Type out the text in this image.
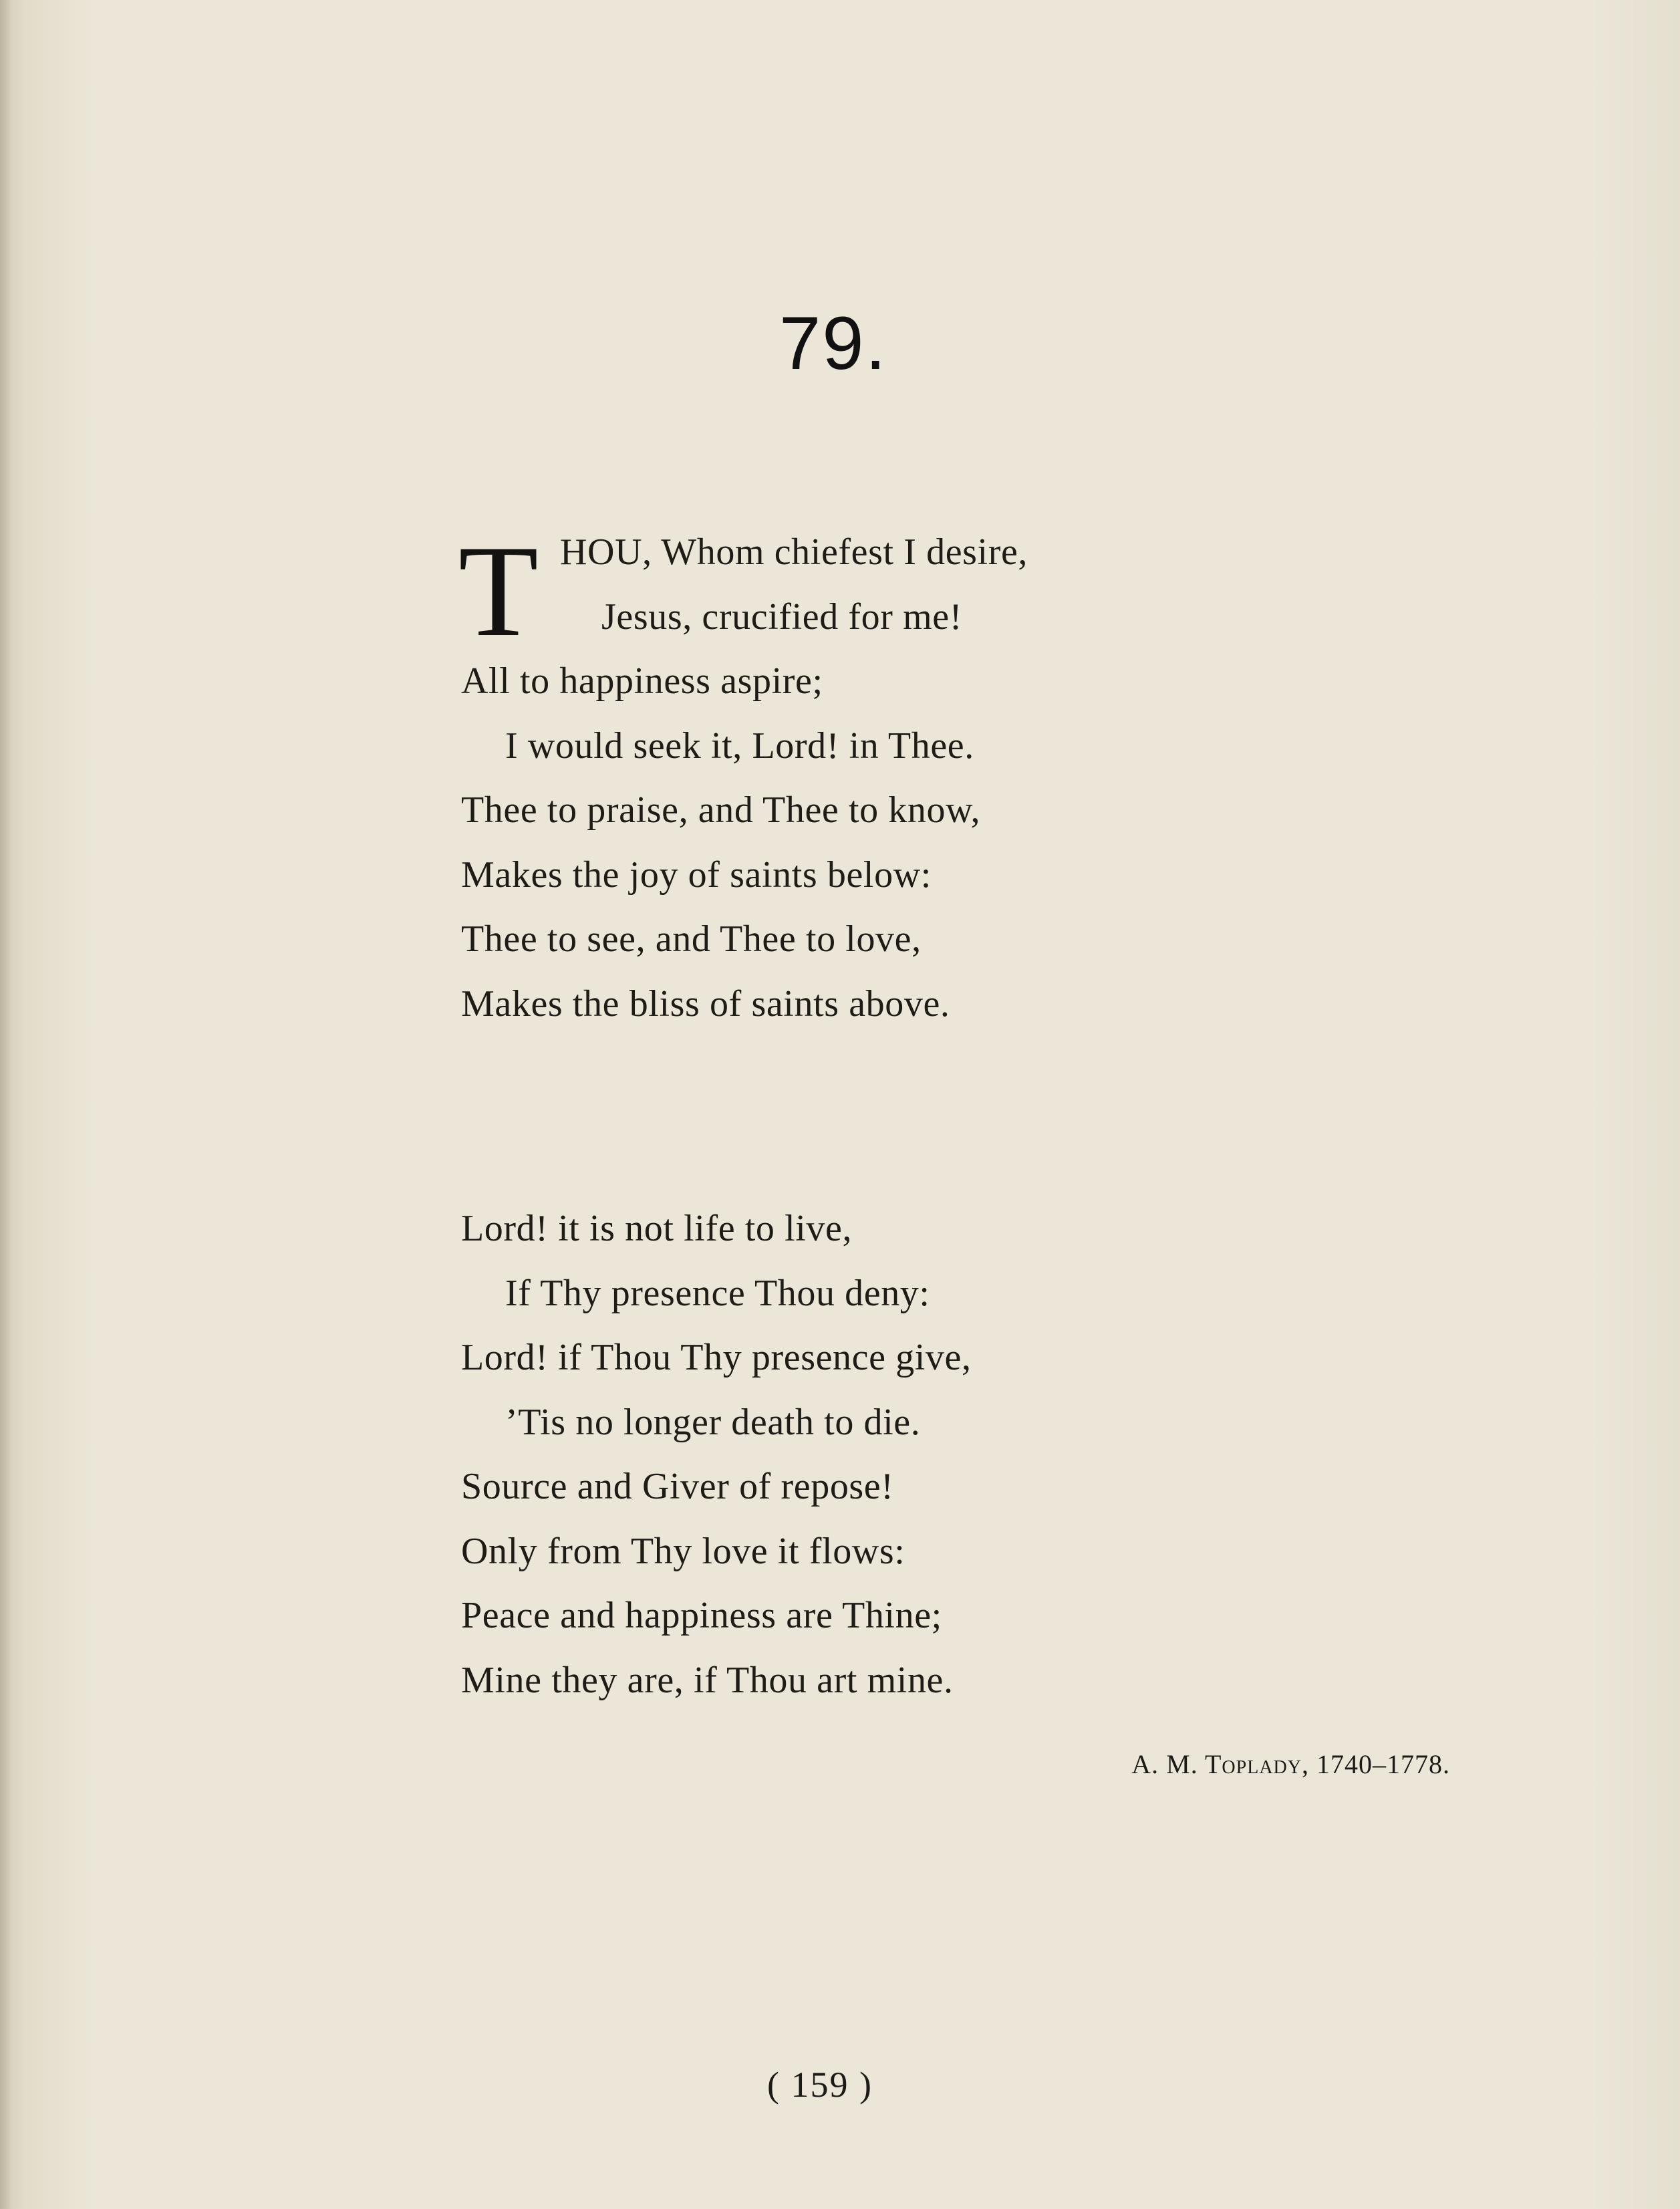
79.
T HOU, Whom chiefest I desire,
Jesus, crucified for me!
All to happiness aspire;
I would seek it, Lord! in Thee.
Thee to praise, and Thee to know,
Makes the joy of saints below:
Thee to see, and Thee to love,
Makes the bliss of saints above.
Lord! it is not life to live,
If Thy presence Thou deny:
Lord! if Thou Thy presence give,
’Tis no longer death to die.
Source and Giver of repose!
Only from Thy love it flows:
Peace and happiness are Thine;
Mine they are, if Thou art mine.
A. M. Toplady, 1740–1778.
( 159 )
